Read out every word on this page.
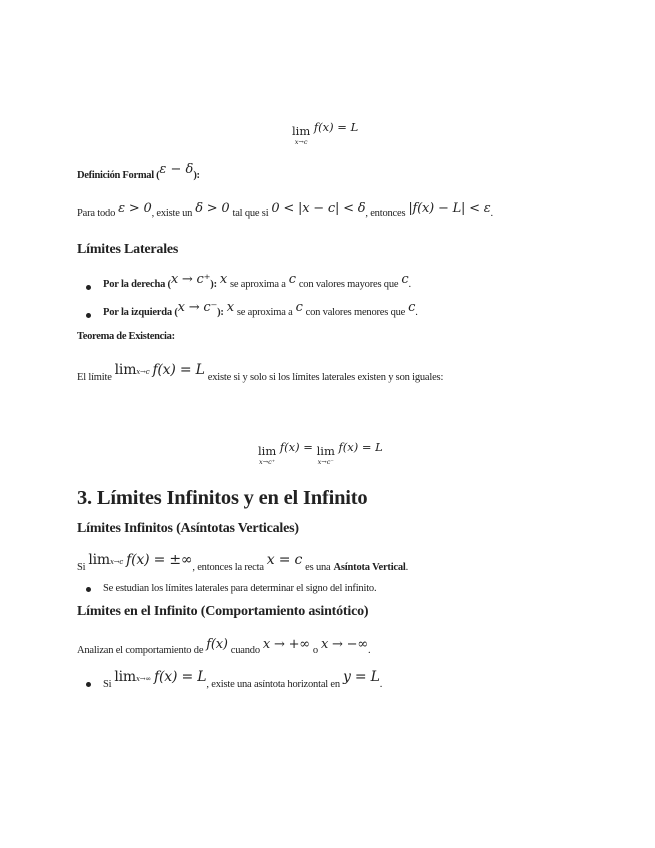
lim
x→c
f(x) = L
Definición Formal ( ε − δ ):
Para todo ε > 0 , existe un δ > 0 tal que si 0 < |x − c| < δ , entonces |f(x) − L| < ε .
Límites Laterales
Por la derecha ( x → c⁺ ): x se aproxima a c con valores mayores que c .
Por la izquierda ( x → c⁻ ): x se aproxima a c con valores menores que c .
Teorema de Existencia:
El límite lim x→c f(x) = L existe si y solo si los límites laterales existen y son iguales:
lim
x→c⁺
f(x) = lim
x→c⁻
f(x) = L
3. Límites Infinitos y en el Infinito
Límites Infinitos (Asíntotas Verticales)
Si lim x→c f(x) = ±∞ , entonces la recta x = c es una Asíntota Vertical .
Se estudian los límites laterales para determinar el signo del infinito.
Límites en el Infinito (Comportamiento asintótico)
Analizan el comportamiento de f(x) cuando x → +∞ o x → −∞ .
Si lim x→∞ f(x) = L , existe una asíntota horizontal en y = L .
